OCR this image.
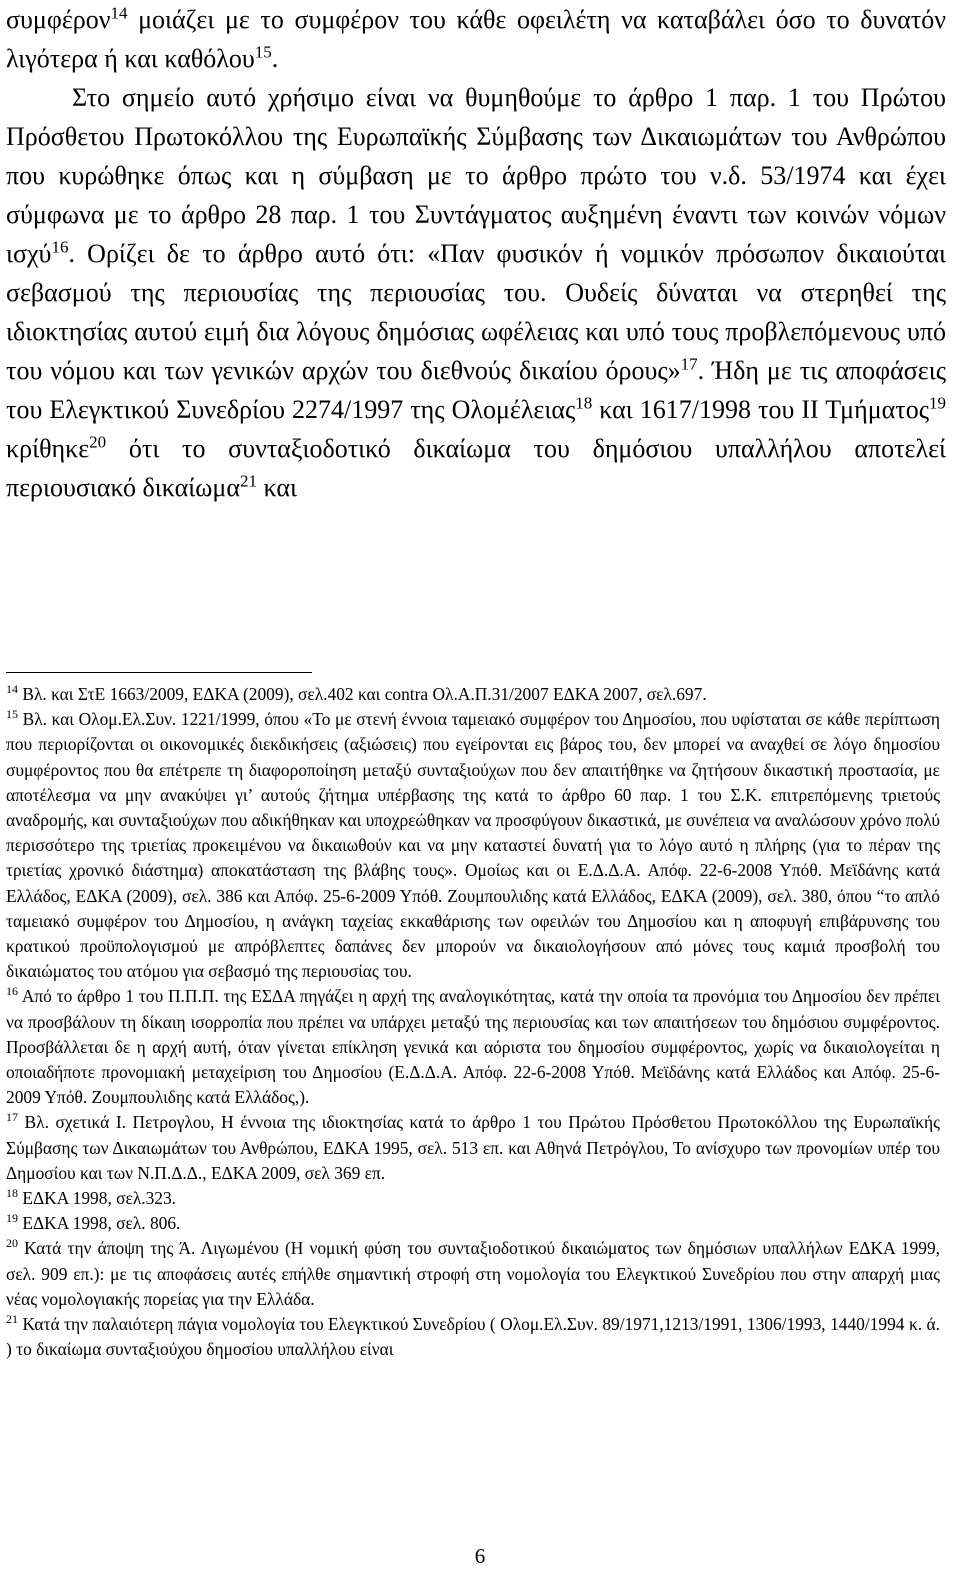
συμφέρον$^{14}$ μοιάζει με το συμφέρον του κάθε οφειλέτη να καταβάλει όσο το δυνατόν λιγότερα ή και καθόλου$^{15}$.

Στο σημείο αυτό χρήσιμο είναι να θυμηθούμε το άρθρο 1 παρ. 1 του Πρώτου Πρόσθετου Πρωτοκόλλου της Ευρωπαϊκής Σύμβασης των Δικαιωμάτων του Ανθρώπου που κυρώθηκε όπως και η σύμβαση με το άρθρο πρώτο του ν.δ. 53/1974 και έχει σύμφωνα με το άρθρο 28 παρ. 1 του Συντάγματος αυξημένη έναντι των κοινών νόμων ισχύ$^{16}$. Ορίζει δε το άρθρο αυτό ότι: «Παν φυσικόν ή νομικόν πρόσωπον δικαιούται σεβασμού της περιουσίας της περιουσίας του. Ουδείς δύναται να στερηθεί της ιδιοκτησίας αυτού ειμή δια λόγους δημόσιας ωφέλειας και υπό τους προβλεπόμενους υπό του νόμου και των γενικών αρχών του διεθνούς δικαίου όρους»$^{17}$. Ήδη με τις αποφάσεις του Ελεγκτικού Συνεδρίου 2274/1997 της Ολομέλειας$^{18}$ και 1617/1998 του ΙΙ Τμήματος$^{19}$ κρίθηκε$^{20}$ ότι το συνταξιοδοτικό δικαίωμα του δημόσιου υπαλλήλου αποτελεί περιουσιακό δικαίωμα$^{21}$ και

$^{14}$ Βλ. και ΣτΕ 1663/2009, ΕΔΚΑ (2009), σελ.402 και contra Ολ.Α.Π.31/2007 ΕΔΚΑ 2007, σελ.697.

$^{15}$ Βλ. και Ολομ.Ελ.Συν. 1221/1999, όπου «Το με στενή έννοια ταμειακό συμφέρον του Δημοσίου, που υφίσταται σε κάθε περίπτωση που περιορίζονται οι οικονομικές διεκδικήσεις (αξιώσεις) που εγείρονται εις βάρος του, δεν μπορεί να αναχθεί σε λόγο δημοσίου συμφέροντος που θα επέτρεπε τη διαφοροποίηση μεταξύ συνταξιούχων που δεν απαιτήθηκε να ζητήσουν δικαστική προστασία, με αποτέλεσμα να μην ανακύψει γι’ αυτούς ζήτημα υπέρβασης της κατά το άρθρο 60 παρ. 1 του Σ.Κ. επιτρεπόμενης τριετούς αναδρομής, και συνταξιούχων που αδικήθηκαν και υποχρεώθηκαν να προσφύγουν δικαστικά, με συνέπεια να αναλώσουν χρόνο πολύ περισσότερο της τριετίας προκειμένου να δικαιωθούν και να μην καταστεί δυνατή για το λόγο αυτό η πλήρης (για το πέραν της τριετίας χρονικό διάστημα) αποκατάσταση της βλάβης τους». Ομοίως και οι Ε.Δ.Δ.Α. Απόφ. 22-6-2008 Υπόθ. Μεϊδάνης κατά Ελλάδος, ΕΔΚΑ (2009), σελ. 386 και Απόφ. 25-6-2009 Υπόθ. Ζουμπουλιδης κατά Ελλάδος, ΕΔΚΑ (2009), σελ. 380, όπου “το απλό ταμειακό συμφέρον του Δημοσίου, η ανάγκη ταχείας εκκαθάρισης των οφειλών του Δημοσίου και η αποφυγή επιβάρυνσης του κρατικού προϋπολογισμού με απρόβλεπτες δαπάνες δεν μπορούν να δικαιολογήσουν από μόνες τους καμιά προσβολή του δικαιώματος του ατόμου για σεβασμό της περιουσίας του.

$^{16}$ Από το άρθρο 1 του Π.Π.Π. της ΕΣΔΑ πηγάζει η αρχή της αναλογικότητας, κατά την οποία τα προνόμια του Δημοσίου δεν πρέπει να προσβάλουν τη δίκαιη ισορροπία που πρέπει να υπάρχει μεταξύ της περιουσίας και των απαιτήσεων του δημόσιου συμφέροντος. Προσβάλλεται δε η αρχή αυτή, όταν γίνεται επίκληση γενικά και αόριστα του δημοσίου συμφέροντος, χωρίς να δικαιολογείται η οποιαδήποτε προνομιακή μεταχείριση του Δημοσίου (Ε.Δ.Δ.Α. Απόφ. 22-6-2008 Υπόθ. Μεϊδάνης κατά Ελλάδος και Απόφ. 25-6-2009 Υπόθ. Ζουμπουλιδης κατά Ελλάδος,).

$^{17}$ Βλ. σχετικά Ι. Πετρογλου, Η έννοια της ιδιοκτησίας κατά το άρθρο 1 του Πρώτου Πρόσθετου Πρωτοκόλλου της Ευρωπαϊκής Σύμβασης των Δικαιωμάτων του Ανθρώπου, ΕΔΚΑ 1995, σελ. 513 επ. και Αθηνά Πετρόγλου, Το ανίσχυρο των προνομίων υπέρ του Δημοσίου και των Ν.Π.Δ.Δ., ΕΔΚΑ 2009, σελ 369 επ.

$^{18}$ ΕΔΚΑ 1998, σελ.323.

$^{19}$ ΕΔΚΑ 1998, σελ. 806.

$^{20}$ Κατά την άποψη της Ά. Λιγωμένου (Η νομική φύση του συνταξιοδοτικού δικαιώματος των δημόσιων υπαλλήλων ΕΔΚΑ 1999, σελ. 909 επ.): με τις αποφάσεις αυτές επήλθε σημαντική στροφή στη νομολογία του Ελεγκτικού Συνεδρίου που στην απαρχή μιας νέας νομολογιακής πορείας για την Ελλάδα.

$^{21}$ Κατά την παλαιότερη πάγια νομολογία του Ελεγκτικού Συνεδρίου ( Ολομ.Ελ.Συν. 89/1971,1213/1991, 1306/1993, 1440/1994 κ. ά. ) το δικαίωμα συνταξιούχου δημοσίου υπαλλήλου είναι

6
